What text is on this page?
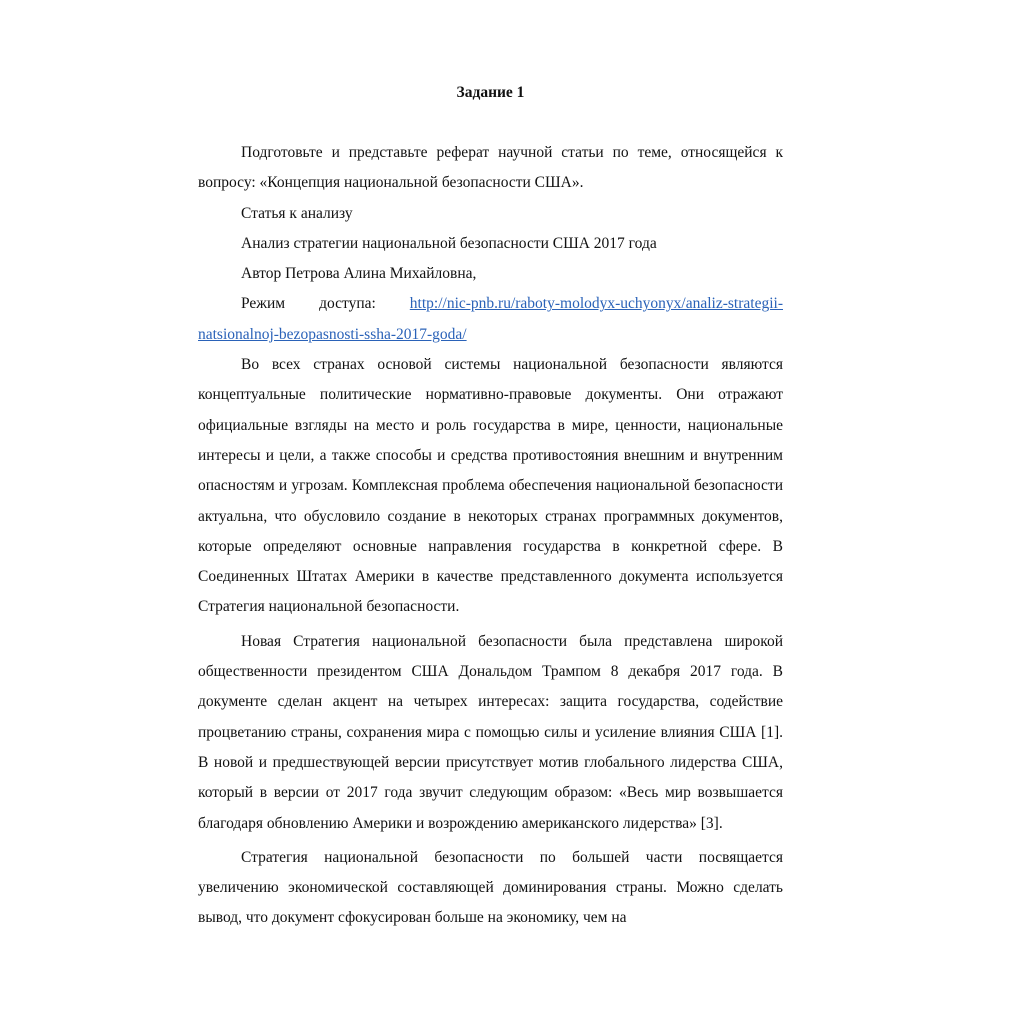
Задание 1

Подготовьте и представьте реферат научной статьи по теме, относящейся к вопросу: «Концепция национальной безопасности США».

Статья к анализу

Анализ стратегии национальной безопасности США 2017 года

Автор Петрова Алина Михайловна,

Режим доступа: http://nic-pnb.ru/raboty-molodyx-uchyonyx/analiz-strategii-natsionalnoj-bezopasnosti-ssha-2017-goda/

Во всех странах основой системы национальной безопасности являются концептуальные политические нормативно-правовые документы. Они отражают официальные взгляды на место и роль государства в мире, ценности, национальные интересы и цели, а также способы и средства противостояния внешним и внутренним опасностям и угрозам. Комплексная проблема обеспечения национальной безопасности актуальна, что обусловило создание в некоторых странах программных документов, которые определяют основные направления государства в конкретной сфере. В Соединенных Штатах Америки в качестве представленного документа используется Стратегия национальной безопасности.

Новая Стратегия национальной безопасности была представлена широкой общественности президентом США Дональдом Трампом 8 декабря 2017 года. В документе сделан акцент на четырех интересах: защита государства, содействие процветанию страны, сохранения мира с помощью силы и усиление влияния США [1]. В новой и предшествующей версии присутствует мотив глобального лидерства США, который в версии от 2017 года звучит следующим образом: «Весь мир возвышается благодаря обновлению Америки и возрождению американского лидерства» [3].

Стратегия национальной безопасности по большей части посвящается увеличению экономической составляющей доминирования страны. Можно сделать вывод, что документ сфокусирован больше на экономику, чем на
